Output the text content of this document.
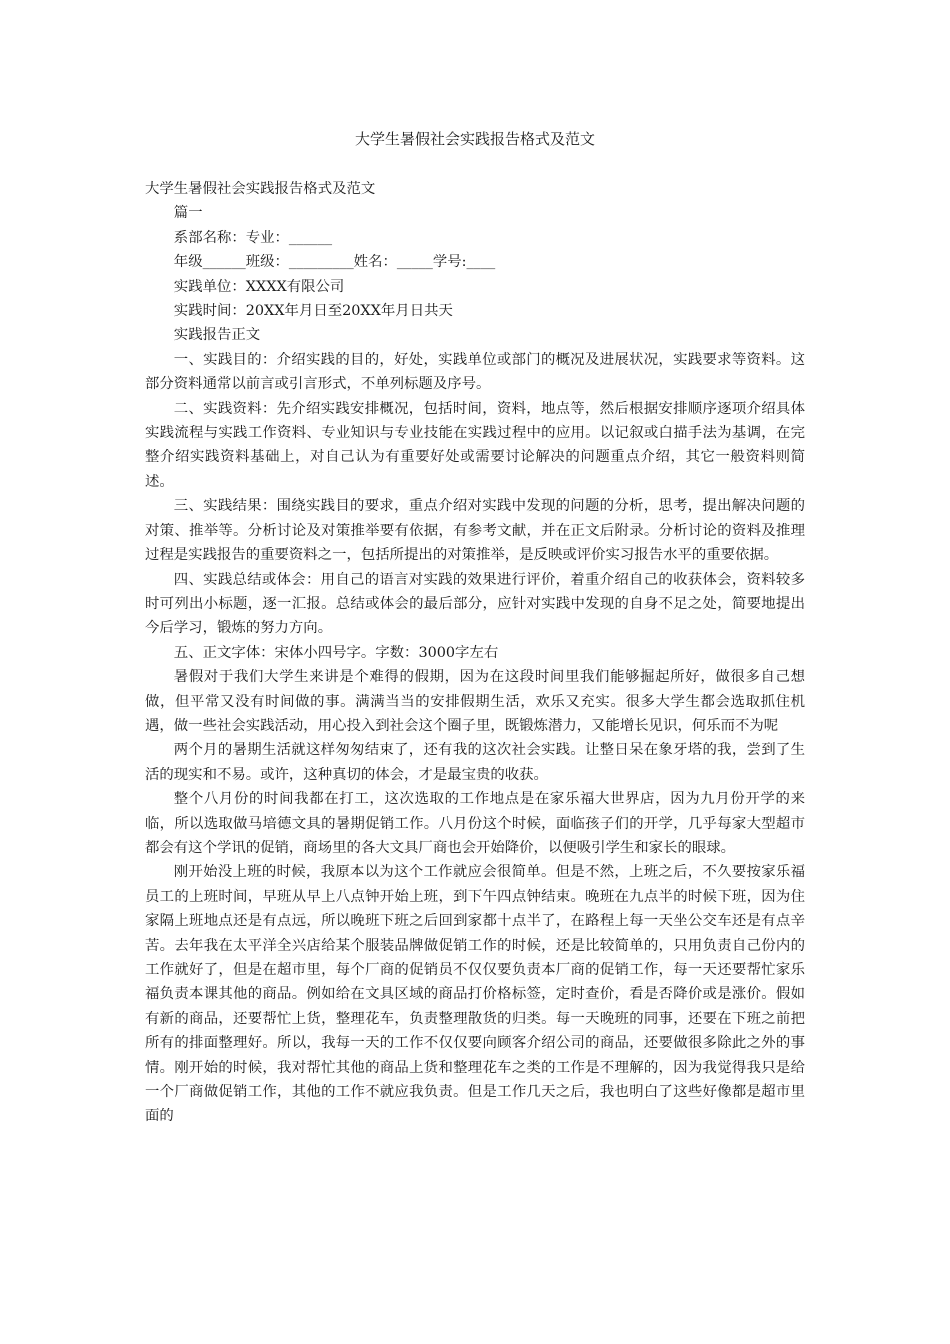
大学生暑假社会实践报告格式及范文

大学生暑假社会实践报告格式及范文

篇一

系部名称：专业：______

年级______班级：_________姓名：_____学号:____

实践单位：XXXX有限公司

实践时间：20XX年月日至20XX年月日共天

实践报告正文

一、实践目的：介绍实践的目的，好处，实践单位或部门的概况及进展状况，实践要求等资料。这部分资料通常以前言或引言形式，不单列标题及序号。

二、实践资料：先介绍实践安排概况，包括时间，资料，地点等，然后根据安排顺序逐项介绍具体实践流程与实践工作资料、专业知识与专业技能在实践过程中的应用。以记叙或白描手法为基调，在完整介绍实践资料基础上，对自己认为有重要好处或需要讨论解决的问题重点介绍，其它一般资料则简述。

三、实践结果：围绕实践目的要求，重点介绍对实践中发现的问题的分析，思考，提出解决问题的对策、推举等。分析讨论及对策推举要有依据，有参考文献，并在正文后附录。分析讨论的资料及推理过程是实践报告的重要资料之一，包括所提出的对策推举，是反映或评价实习报告水平的重要依据。

四、实践总结或体会：用自己的语言对实践的效果进行评价，着重介绍自己的收获体会，资料较多时可列出小标题，逐一汇报。总结或体会的最后部分，应针对实践中发现的自身不足之处，简要地提出今后学习，锻炼的努力方向。

五、正文字体：宋体小四号字。字数：3000字左右

暑假对于我们大学生来讲是个难得的假期，因为在这段时间里我们能够掘起所好，做很多自己想做，但平常又没有时间做的事。满满当当的安排假期生活，欢乐又充实。很多大学生都会选取抓住机遇，做一些社会实践活动，用心投入到社会这个圈子里，既锻炼潜力，又能增长见识，何乐而不为呢

两个月的暑期生活就这样匆匆结束了，还有我的这次社会实践。让整日呆在象牙塔的我，尝到了生活的现实和不易。或许，这种真切的体会，才是最宝贵的收获。

整个八月份的时间我都在打工，这次选取的工作地点是在家乐福大世界店，因为九月份开学的来临，所以选取做马培德文具的暑期促销工作。八月份这个时候，面临孩子们的开学，几乎每家大型超市都会有这个学讯的促销，商场里的各大文具厂商也会开始降价，以便吸引学生和家长的眼球。

刚开始没上班的时候，我原本以为这个工作就应会很简单。但是不然，上班之后，不久要按家乐福员工的上班时间，早班从早上八点钟开始上班，到下午四点钟结束。晚班在九点半的时候下班，因为住家隔上班地点还是有点远，所以晚班下班之后回到家都十点半了，在路程上每一天坐公交车还是有点辛苦。去年我在太平洋全兴店给某个服装品牌做促销工作的时候，还是比较简单的，只用负责自己份内的工作就好了，但是在超市里，每个厂商的促销员不仅仅要负责本厂商的促销工作，每一天还要帮忙家乐福负责本课其他的商品。例如给在文具区域的商品打价格标签，定时查价，看是否降价或是涨价。假如有新的商品，还要帮忙上货，整理花车，负责整理散货的归类。每一天晚班的同事，还要在下班之前把所有的排面整理好。所以，我每一天的工作不仅仅要向顾客介绍公司的商品，还要做很多除此之外的事情。刚开始的时候，我对帮忙其他的商品上货和整理花车之类的工作是不理解的，因为我觉得我只是给一个厂商做促销工作，其他的工作不就应我负责。但是工作几天之后，我也明白了这些好像都是超市里面的
